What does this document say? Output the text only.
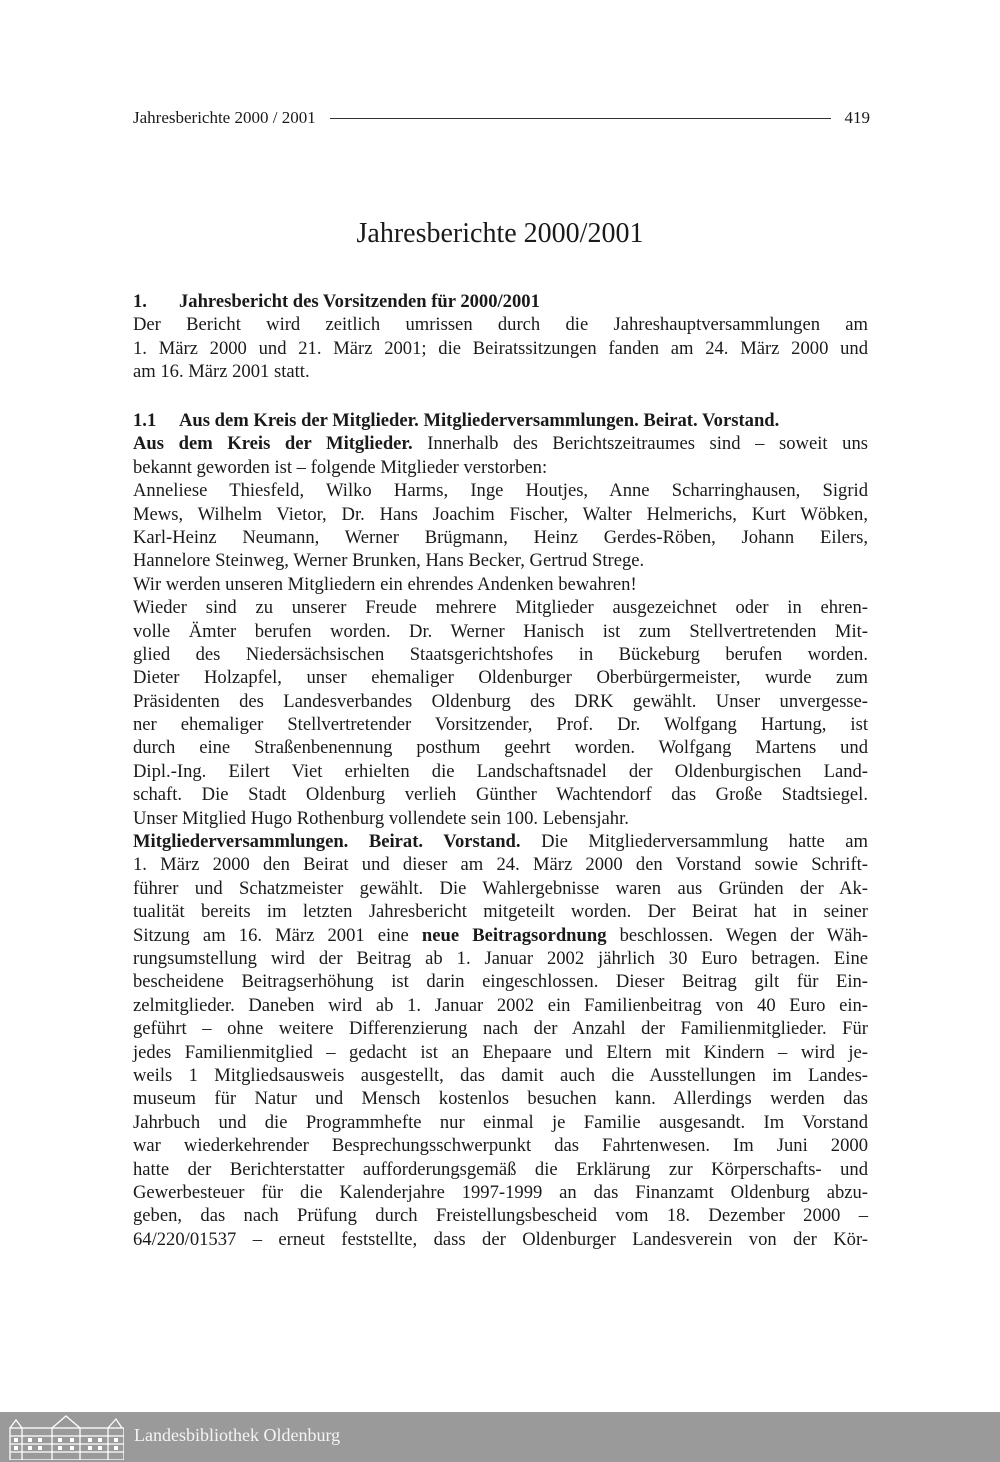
Jahresberichte 2000 / 2001	419
Jahresberichte 2000/2001
1. Jahresbericht des Vorsitzenden für 2000/2001
Der Bericht wird zeitlich umrissen durch die Jahreshauptversammlungen am
1. März 2000 und 21. März 2001; die Beiratssitzungen fanden am 24. März 2000 und
am 16. März 2001 statt.
1.1 Aus dem Kreis der Mitglieder. Mitgliederversammlungen. Beirat. Vorstand.
Aus dem Kreis der Mitglieder. Innerhalb des Berichtszeitraumes sind – soweit uns
bekannt geworden ist – folgende Mitglieder verstorben:
Anneliese Thiesfeld, Wilko Harms, Inge Houtjes, Anne Scharringhausen, Sigrid
Mews, Wilhelm Vietor, Dr. Hans Joachim Fischer, Walter Helmerichs, Kurt Wöbken,
Karl-Heinz Neumann, Werner Brügmann, Heinz Gerdes-Röben, Johann Eilers,
Hannelore Steinweg, Werner Brunken, Hans Becker, Gertrud Strege.
Wir werden unseren Mitgliedern ein ehrendes Andenken bewahren!
Wieder sind zu unserer Freude mehrere Mitglieder ausgezeichnet oder in ehren-
volle Ämter berufen worden. Dr. Werner Hanisch ist zum Stellvertretenden Mit-
glied des Niedersächsischen Staatsgerichtshofes in Bückeburg berufen worden.
Dieter Holzapfel, unser ehemaliger Oldenburger Oberbürgermeister, wurde zum
Präsidenten des Landesverbandes Oldenburg des DRK gewählt. Unser unvergesse-
ner ehemaliger Stellvertretender Vorsitzender, Prof. Dr. Wolfgang Hartung, ist
durch eine Straßenbenennung posthum geehrt worden. Wolfgang Martens und
Dipl.-Ing. Eilert Viet erhielten die Landschaftsnadel der Oldenburgischen Land-
schaft. Die Stadt Oldenburg verlieh Günther Wachtendorf das Große Stadtsiegel.
Unser Mitglied Hugo Rothenburg vollendete sein 100. Lebensjahr.
Mitgliederversammlungen. Beirat. Vorstand. Die Mitgliederversammlung hatte am
1. März 2000 den Beirat und dieser am 24. März 2000 den Vorstand sowie Schrift-
führer und Schatzmeister gewählt. Die Wahlergebnisse waren aus Gründen der Ak-
tualität bereits im letzten Jahresbericht mitgeteilt worden. Der Beirat hat in seiner
Sitzung am 16. März 2001 eine neue Beitragsordnung beschlossen. Wegen der Wäh-
rungsumstellung wird der Beitrag ab 1. Januar 2002 jährlich 30 Euro betragen. Eine
bescheidene Beitragserhöhung ist darin eingeschlossen. Dieser Beitrag gilt für Ein-
zelmitglieder. Daneben wird ab 1. Januar 2002 ein Familienbeitrag von 40 Euro ein-
geführt – ohne weitere Differenzierung nach der Anzahl der Familienmitglieder. Für
jedes Familienmitglied – gedacht ist an Ehepaare und Eltern mit Kindern – wird je-
weils 1 Mitgliedsausweis ausgestellt, das damit auch die Ausstellungen im Landes-
museum für Natur und Mensch kostenlos besuchen kann. Allerdings werden das
Jahrbuch und die Programmhefte nur einmal je Familie ausgesandt. Im Vorstand
war wiederkehrender Besprechungsschwerpunkt das Fahrtenwesen. Im Juni 2000
hatte der Berichterstatter aufforderungsgemäß die Erklärung zur Körperschafts- und
Gewerbesteuer für die Kalenderjahre 1997-1999 an das Finanzamt Oldenburg abzu-
geben, das nach Prüfung durch Freistellungsbescheid vom 18. Dezember 2000 –
64/220/01537 – erneut feststellte, dass der Oldenburger Landesverein von der Kör-
Landesbibliothek Oldenburg
